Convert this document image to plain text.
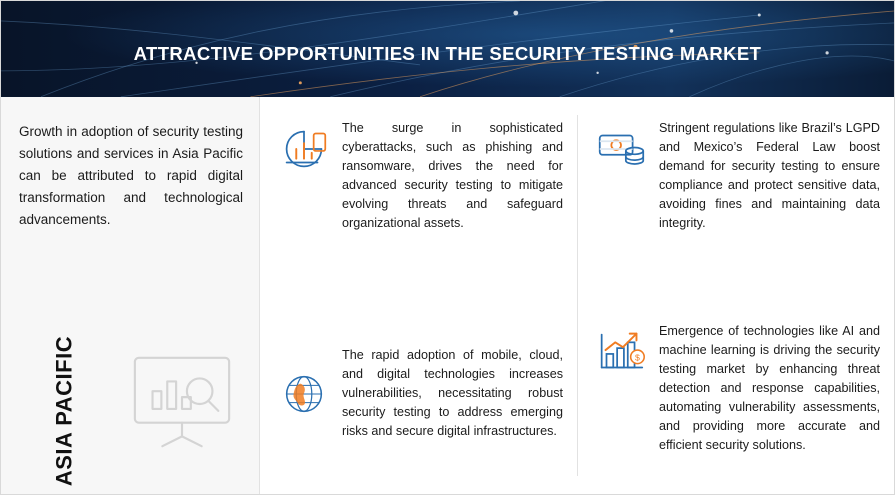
ATTRACTIVE OPPORTUNITIES IN THE SECURITY TESTING MARKET
Growth in adoption of security testing solutions and services in Asia Pacific can be attributed to rapid digital transformation and technological advancements.
ASIA PACIFIC
The surge in sophisticated cyberattacks, such as phishing and ransomware, drives the need for advanced security testing to mitigate evolving threats and safeguard organizational assets.
Stringent regulations like Brazil’s LGPD and Mexico’s Federal Law boost demand for security testing to ensure compliance and protect sensitive data, avoiding fines and maintaining data integrity.
The rapid adoption of mobile, cloud, and digital technologies increases vulnerabilities, necessitating robust security testing to address emerging risks and secure digital infrastructures.
$
Emergence of technologies like AI and machine learning is driving the security testing market by enhancing threat detection and response capabilities, automating vulnerability assessments, and providing more accurate and efficient security solutions.
